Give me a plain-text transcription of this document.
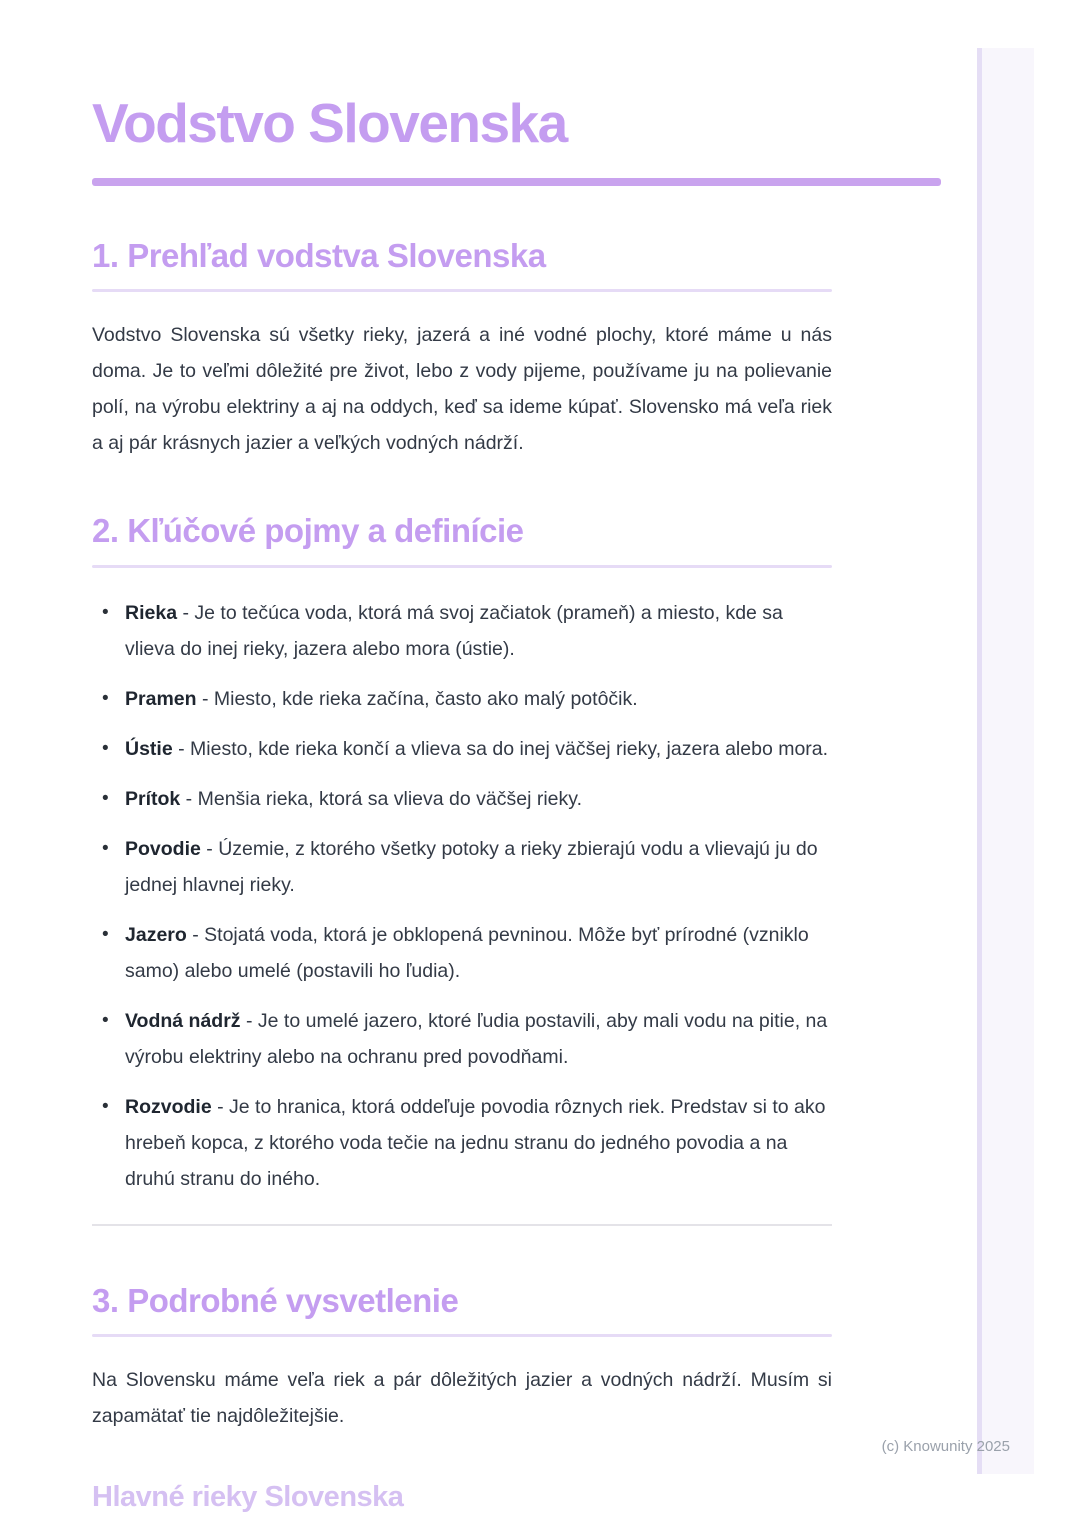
Vodstvo Slovenska
1. Prehľad vodstva Slovenska

Vodstvo Slovenska sú všetky rieky, jazerá a iné vodné plochy, ktoré máme u nás doma. Je to veľmi dôležité pre život, lebo z vody pijeme, používame ju na polievanie polí, na výrobu elektriny a aj na oddych, keď sa ideme kúpať. Slovensko má veľa riek a aj pár krásnych jazier a veľkých vodných nádrží.

2. Kľúčové pojmy a definície
• Rieka - Je to tečúca voda, ktorá má svoj začiatok (prameň) a miesto, kde sa vlieva do inej rieky, jazera alebo mora (ústie).
• Pramen - Miesto, kde rieka začína, často ako malý potôčik.
• Ústie - Miesto, kde rieka končí a vlieva sa do inej väčšej rieky, jazera alebo mora.
• Prítok - Menšia rieka, ktorá sa vlieva do väčšej rieky.
• Povodie - Územie, z ktorého všetky potoky a rieky zbierajú vodu a vlievajú ju do jednej hlavnej rieky.
• Jazero - Stojatá voda, ktorá je obklopená pevninou. Môže byť prírodné (vzniklo samo) alebo umelé (postavili ho ľudia).
• Vodná nádrž - Je to umelé jazero, ktoré ľudia postavili, aby mali vodu na pitie, na výrobu elektriny alebo na ochranu pred povodňami.
• Rozvodie - Je to hranica, ktorá oddeľuje povodia rôznych riek. Predstav si to ako hrebeň kopca, z ktorého voda tečie na jednu stranu do jedného povodia a na druhú stranu do iného.
3. Podrobné vysvetlenie

Na Slovensku máme veľa riek a pár dôležitých jazier a vodných nádrží. Musím si zapamätať tie najdôležitejšie.

Hlavné rieky Slovenska
(c) Knowunity 2025
